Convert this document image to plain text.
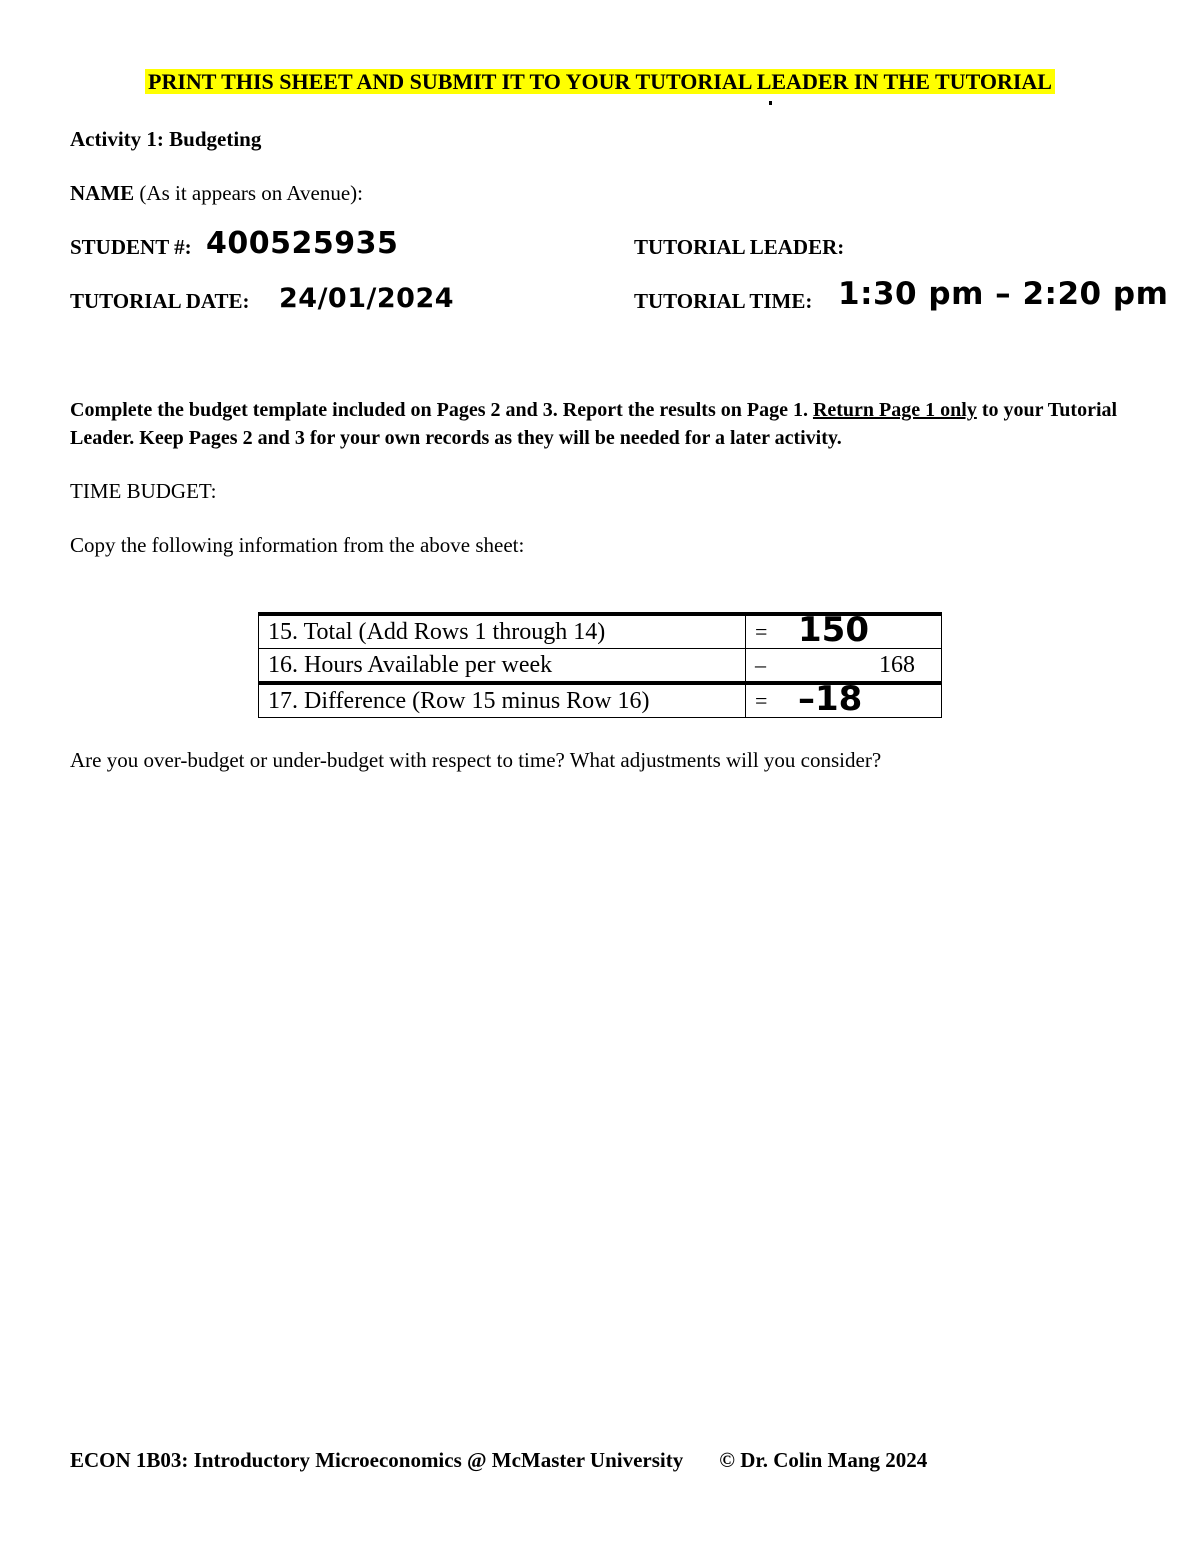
PRINT THIS SHEET AND SUBMIT IT TO YOUR TUTORIAL LEADER IN THE TUTORIAL
Activity 1: Budgeting
NAME (As it appears on Avenue):
STUDENT #: 400525935	TUTORIAL LEADER:
TUTORIAL DATE: 24/01/2024	TUTORIAL TIME: 1:30 pm – 2:20 pm
Complete the budget template included on Pages 2 and 3. Report the results on Page 1. Return Page 1 only to your Tutorial Leader. Keep Pages 2 and 3 for your own records as they will be needed for a later activity.
TIME BUDGET:
Copy the following information from the above sheet:
15. Total (Add Rows 1 through 14)	= 150

16. Hours Available per week	– 168

17. Difference (Row 15 minus Row 16)	= –18
Are you over-budget or under-budget with respect to time? What adjustments will you consider?
ECON 1B03: Introductory Microeconomics @ McMaster University © Dr. Colin Mang 2024
